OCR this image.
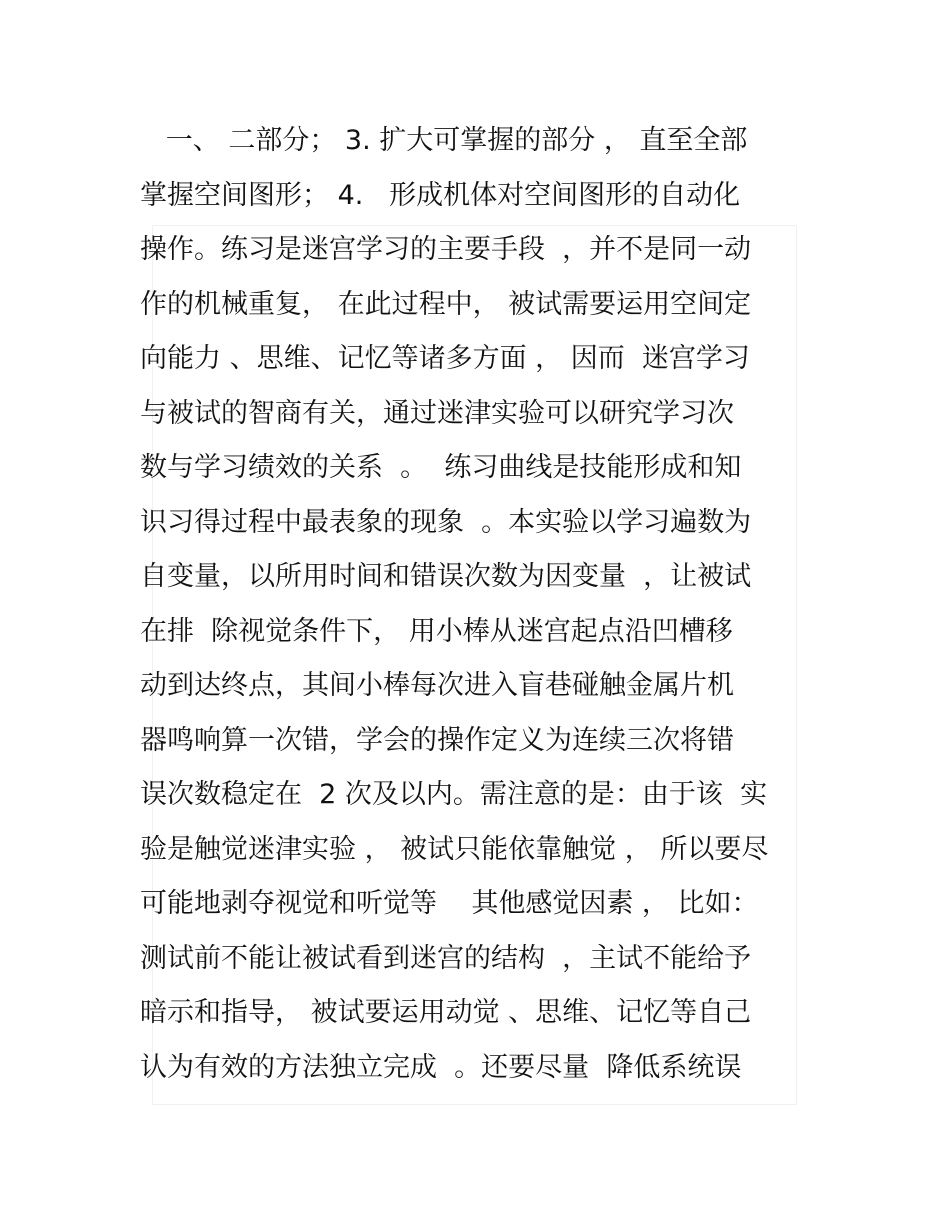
一、 二部分； 3. 扩大可掌握的部分 ， 直至全部
掌握空间图形； 4.   形成机体对空间图形的自动化
操作。练习是迷宫学习的主要手段  ，并不是同一动
作的机械重复， 在此过程中， 被试需要运用空间定
向能力 、思维、记忆等诸多方面 ， 因而  迷宫学习
与被试的智商有关，通过迷津实验可以研究学习次
数与学习绩效的关系  。  练习曲线是技能形成和知
识习得过程中最表象的现象  。本实验以学习遍数为
自变量，以所用时间和错误次数为因变量  ，让被试
在排  除视觉条件下， 用小棒从迷宫起点沿凹槽移
动到达终点，其间小棒每次进入盲巷碰触金属片机
器鸣响算一次错，学会的操作定义为连续三次将错
误次数稳定在  2 次及以内。需注意的是：由于该  实
验是触觉迷津实验 ， 被试只能依靠触觉 ， 所以要尽
可能地剥夺视觉和听觉等    其他感觉因素 ， 比如：
测试前不能让被试看到迷宫的结构  ，主试不能给予
暗示和指导， 被试要运用动觉 、思维、记忆等自己
认为有效的方法独立完成  。还要尽量  降低系统误
